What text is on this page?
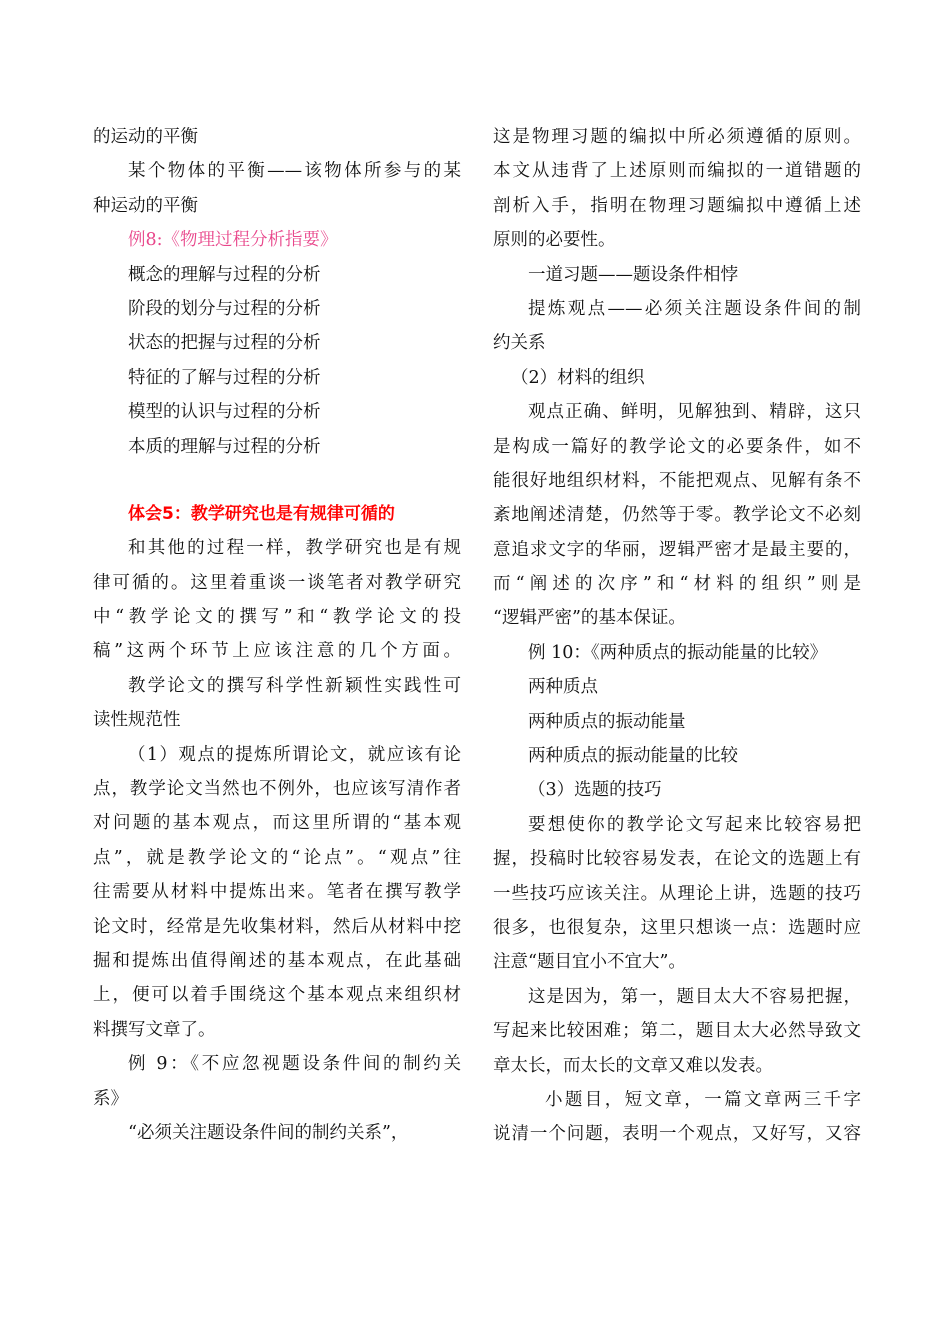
的运动的平衡
某个物体的平衡——该物体所参与的某
种运动的平衡
例8:《物理过程分析指要》
概念的理解与过程的分析
阶段的划分与过程的分析
状态的把握与过程的分析
特征的了解与过程的分析
模型的认识与过程的分析
本质的理解与过程的分析
体会5：教学研究也是有规律可循的
和其他的过程一样，教学研究也是有规
律可循的。这里着重谈一谈笔者对教学研究
中“教学论文的撰写”和“教学论文的投
稿”这两个环节上应该注意的几个方面。
教学论文的撰写科学性新颖性实践性可
读性规范性
（1）观点的提炼所谓论文，就应该有论
点，教学论文当然也不例外，也应该写清作者
对问题的基本观点，而这里所谓的“基本观
点”，就是教学论文的“论点”。“观点”往
往需要从材料中提炼出来。笔者在撰写教学
论文时，经常是先收集材料，然后从材料中挖
掘和提炼出值得阐述的基本观点，在此基础
上，便可以着手围绕这个基本观点来组织材
料撰写文章了。
例 9：《不应忽视题设条件间的制约关
系》
“必须关注题设条件间的制约关系”，
这是物理习题的编拟中所必须遵循的原则。
本文从违背了上述原则而编拟的一道错题的
剖析入手，指明在物理习题编拟中遵循上述
原则的必要性。
一道习题——题设条件相悖
提炼观点——必须关注题设条件间的制
约关系
（2）材料的组织
观点正确、鲜明，见解独到、精辟，这只
是构成一篇好的教学论文的必要条件，如不
能很好地组织材料，不能把观点、见解有条不
紊地阐述清楚，仍然等于零。教学论文不必刻
意追求文字的华丽，逻辑严密才是最主要的，
而“阐述的次序”和“材料的组织”则是
“逻辑严密”的基本保证。
例 10：《两种质点的振动能量的比较》
两种质点
两种质点的振动能量
两种质点的振动能量的比较
（3）选题的技巧
要想使你的教学论文写起来比较容易把
握，投稿时比较容易发表，在论文的选题上有
一些技巧应该关注。从理论上讲，选题的技巧
很多，也很复杂，这里只想谈一点：选题时应
注意“题目宜小不宜大”。
这是因为，第一，题目太大不容易把握，
写起来比较困难；第二，题目太大必然导致文
章太长，而太长的文章又难以发表。
小题目，短文章，一篇文章两三千字
说清一个问题，表明一个观点，又好写，又容
